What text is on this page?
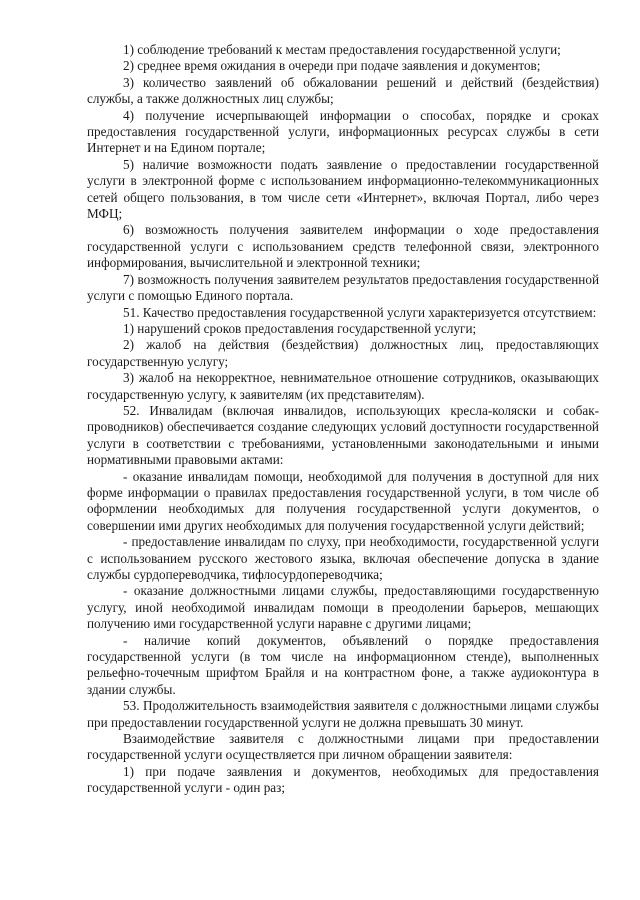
1) соблюдение требований к местам предоставления государственной услуги;

2) среднее время ожидания в очереди при подаче заявления и документов;

3) количество заявлений об обжаловании решений и действий (бездействия) службы, а также должностных лиц службы;

4) получение исчерпывающей информации о способах, порядке и сроках предоставления государственной услуги, информационных ресурсах службы в сети Интернет и на Едином портале;

5) наличие возможности подать заявление о предоставлении государственной услуги в электронной форме с использованием информационно-телекоммуникационных сетей общего пользования, в том числе сети «Интернет», включая Портал, либо через МФЦ;

6) возможность получения заявителем информации о ходе предоставления государственной услуги с использованием средств телефонной связи, электронного информирования, вычислительной и электронной техники;

7) возможность получения заявителем результатов предоставления государственной услуги с помощью Единого портала.

51. Качество предоставления государственной услуги характеризуется отсутствием:

1) нарушений сроков предоставления государственной услуги;

2) жалоб на действия (бездействия) должностных лиц, предоставляющих государственную услугу;

3) жалоб на некорректное, невнимательное отношение сотрудников, оказывающих государственную услугу, к заявителям (их представителям).

52. Инвалидам (включая инвалидов, использующих кресла-коляски и собак-проводников) обеспечивается создание следующих условий доступности государственной услуги в соответствии с требованиями, установленными законодательными и иными нормативными правовыми актами:

- оказание инвалидам помощи, необходимой для получения в доступной для них форме информации о правилах предоставления государственной услуги, в том числе об оформлении необходимых для получения государственной услуги документов, о совершении ими других необходимых для получения государственной услуги действий;

- предоставление инвалидам по слуху, при необходимости, государственной услуги с использованием русского жестового языка, включая обеспечение допуска в здание службы сурдопереводчика, тифлосурдопереводчика;

- оказание должностными лицами службы, предоставляющими государственную услугу, иной необходимой инвалидам помощи в преодолении барьеров, мешающих получению ими государственной услуги наравне с другими лицами;

- наличие копий документов, объявлений о порядке предоставления государственной услуги (в том числе на информационном стенде), выполненных рельефно-точечным шрифтом Брайля и на контрастном фоне, а также аудиоконтура в здании службы.

53. Продолжительность взаимодействия заявителя с должностными лицами службы при предоставлении государственной услуги не должна превышать 30 минут.

Взаимодействие заявителя с должностными лицами при предоставлении государственной услуги осуществляется при личном обращении заявителя:

1) при подаче заявления и документов, необходимых для предоставления государственной услуги - один раз;
